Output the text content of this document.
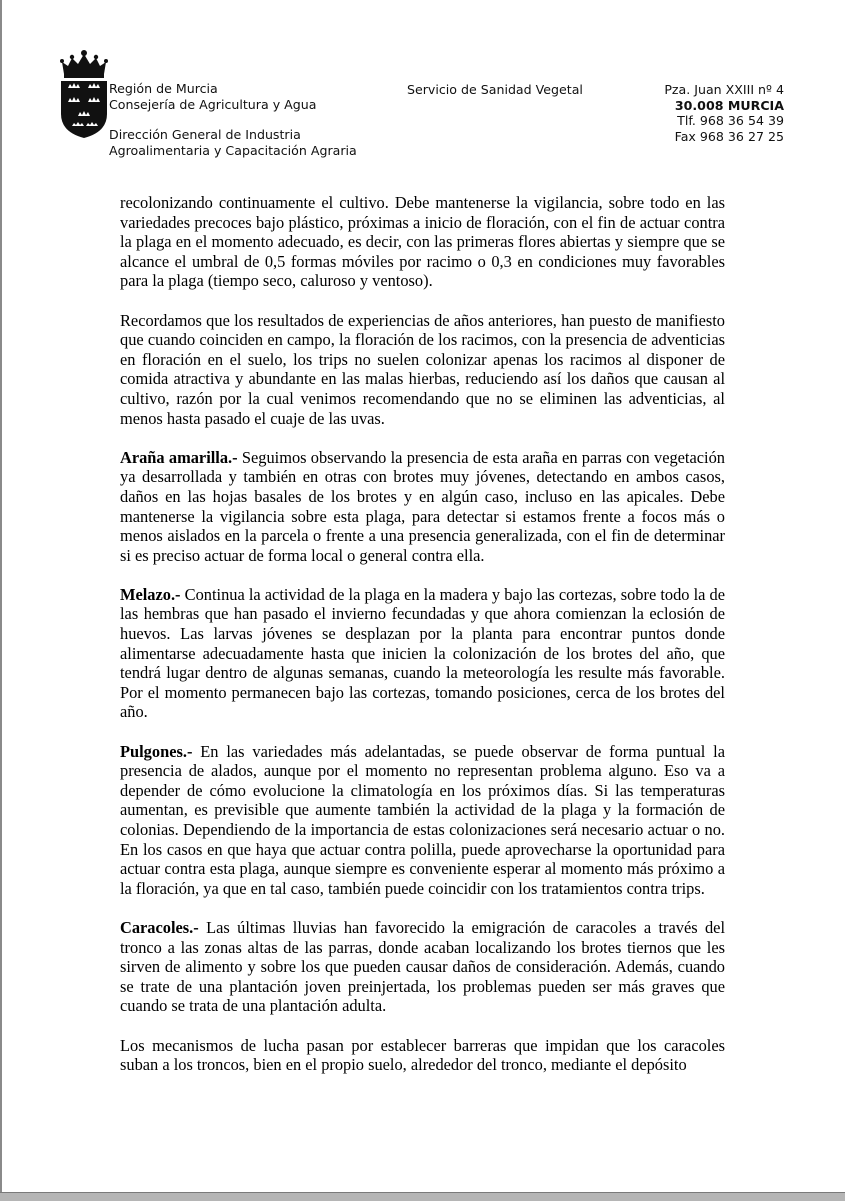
Región de Murcia
Consejería de Agricultura y Agua
Dirección General de Industria
Agroalimentaria y Capacitación Agraria
Servicio de Sanidad Vegetal	Pza. Juan XXIII nº 4
30.008 MURCIA
Tlf. 968 36 54 39
Fax 968 36 27 25

recolonizando continuamente el cultivo. Debe mantenerse la vigilancia, sobre todo en las variedades precoces bajo plástico, próximas a inicio de floración, con el fin de actuar contra la plaga en el momento adecuado, es decir, con las primeras flores abiertas y siempre que se alcance el umbral de 0,5 formas móviles por racimo o 0,3 en condiciones muy favorables para la plaga (tiempo seco, caluroso y ventoso).

Recordamos que los resultados de experiencias de años anteriores, han puesto de manifiesto que cuando coinciden en campo, la floración de los racimos, con la presencia de adventicias en floración en el suelo, los trips no suelen colonizar apenas los racimos al disponer de comida atractiva y abundante en las malas hierbas, reduciendo así los daños que causan al cultivo, razón por la cual venimos recomendando que no se eliminen las adventicias, al menos hasta pasado el cuaje de las uvas.

Araña amarilla.- Seguimos observando la presencia de esta araña en parras con vegetación ya desarrollada y también en otras con brotes muy jóvenes, detectando en ambos casos, daños en las hojas basales de los brotes y en algún caso, incluso en las apicales. Debe mantenerse la vigilancia sobre esta plaga, para detectar si estamos frente a focos más o menos aislados en la parcela o frente a una presencia generalizada, con el fin de determinar si es preciso actuar de forma local o general contra ella.

Melazo.- Continua la actividad de la plaga en la madera y bajo las cortezas, sobre todo la de las hembras que han pasado el invierno fecundadas y que ahora comienzan la eclosión de huevos. Las larvas jóvenes se desplazan por la planta para encontrar puntos donde alimentarse adecuadamente hasta que inicien la colonización de los brotes del año, que tendrá lugar dentro de algunas semanas, cuando la meteorología les resulte más favorable. Por el momento permanecen bajo las cortezas, tomando posiciones, cerca de los brotes del año.

Pulgones.- En las variedades más adelantadas, se puede observar de forma puntual la presencia de alados, aunque por el momento no representan problema alguno. Eso va a depender de cómo evolucione la climatología en los próximos días. Si las temperaturas aumentan, es previsible que aumente también la actividad de la plaga y la formación de colonias. Dependiendo de la importancia de estas colonizaciones será necesario actuar o no. En los casos en que haya que actuar contra polilla, puede aprovecharse la oportunidad para actuar contra esta plaga, aunque siempre es conveniente esperar al momento más próximo a la floración, ya que en tal caso, también puede coincidir con los tratamientos contra trips.

Caracoles.- Las últimas lluvias han favorecido la emigración de caracoles a través del tronco a las zonas altas de las parras, donde acaban localizando los brotes tiernos que les sirven de alimento y sobre los que pueden causar daños de consideración. Además, cuando se trate de una plantación joven preinjertada, los problemas pueden ser más graves que cuando se trata de una plantación adulta.

Los mecanismos de lucha pasan por establecer barreras que impidan que los caracoles suban a los troncos, bien en el propio suelo, alrededor del tronco, mediante el depósito
